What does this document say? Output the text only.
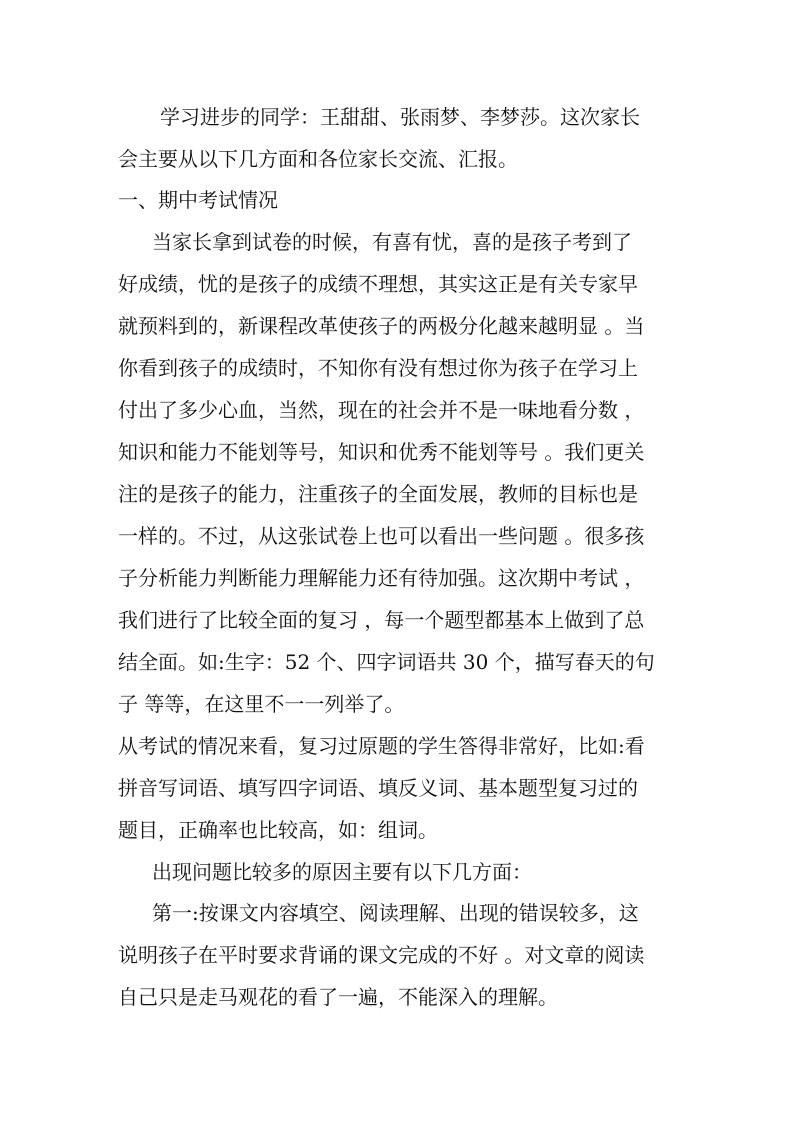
学习进步的同学：王甜甜、张雨梦、李梦莎。这次家长
会主要从以下几方面和各位家长交流、汇报。
一、期中考试情况
当家长拿到试卷的时候，有喜有忧，喜的是孩子考到了
好成绩，忧的是孩子的成绩不理想，其实这正是有关专家早
就预料到的，新课程改革使孩子的两极分化越来越明显 。当
你看到孩子的成绩时，不知你有没有想过你为孩子在学习上
付出了多少心血，当然，现在的社会并不是一味地看分数 ，
知识和能力不能划等号，知识和优秀不能划等号 。我们更关
注的是孩子的能力，注重孩子的全面发展，教师的目标也是
一样的。不过，从这张试卷上也可以看出一些问题 。很多孩
子分析能力判断能力理解能力还有待加强。这次期中考试 ，
我们进行了比较全面的复习 ，每一个题型都基本上做到了总
结全面。如:生字：52 个、四字词语共 30 个，描写春天的句
子 等等，在这里不一一列举了。
从考试的情况来看，复习过原题的学生答得非常好，比如:看
拼音写词语、填写四字词语、填反义词、基本题型复习过的
题目，正确率也比较高，如：组词。
出现问题比较多的原因主要有以下几方面：
第一:按课文内容填空、阅读理解、出现的错误较多，这
说明孩子在平时要求背诵的课文完成的不好 。对文章的阅读
自己只是走马观花的看了一遍，不能深入的理解。
